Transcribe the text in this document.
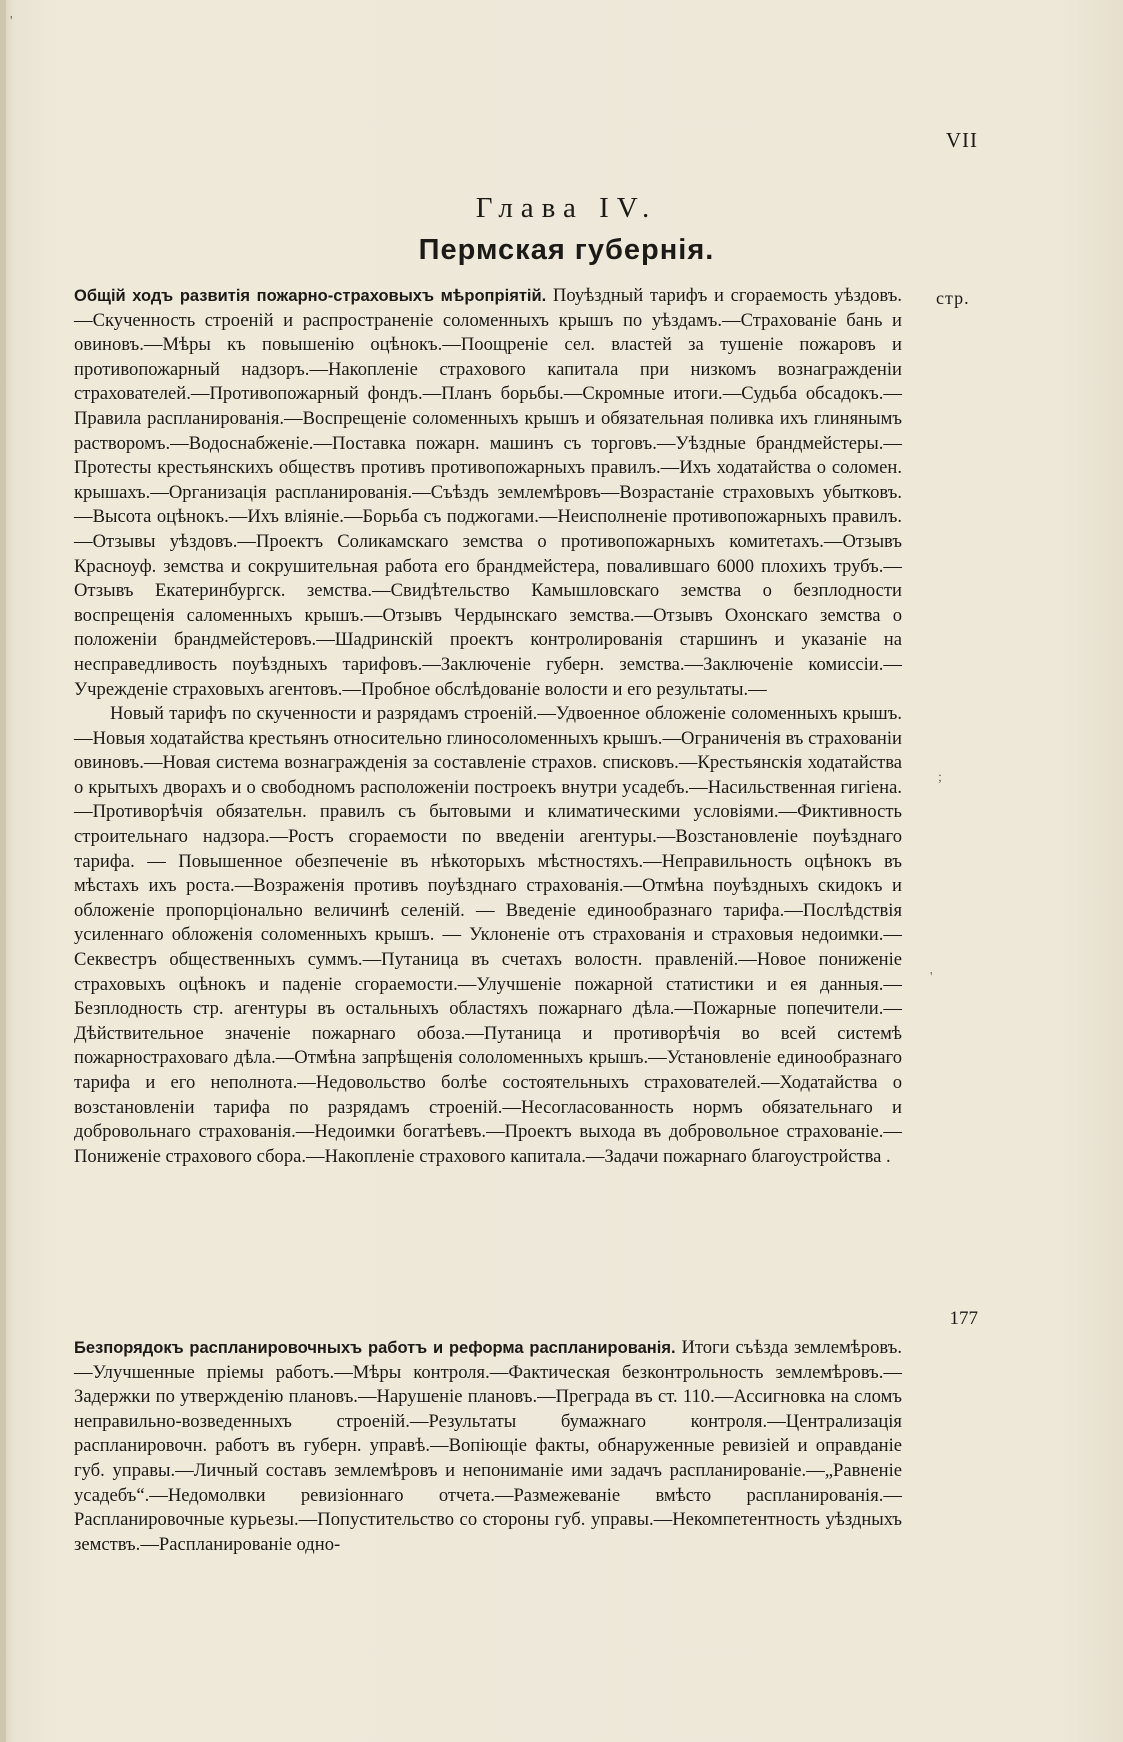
VII
Глава IV.
Пермская губернія.
стр.

Общій ходъ развитія пожарно-страховыхъ мѣропріятій. Поуѣздный тарифъ и сгораемость уѣздовъ.—Скученность строеній и распространеніе соломенныхъ крышъ по уѣздамъ.—Страхованіе бань и овиновъ.—Мѣры къ повышенію оцѣнокъ.—Поощреніе сел. властей за тушеніе пожаровъ и противопожарный надзоръ.—Накопленіе страхового капитала при низкомъ вознагражденіи страхователей.—Противопожарный фондъ.—Планъ борьбы.—Скромные итоги.—Судьба обсадокъ.—Правила распланированія.—Воспрещеніе соломенныхъ крышъ и обязательная поливка ихъ глинянымъ растворомъ.—Водоснабженіе.—Поставка пожарн. машинъ съ торговъ.—Уѣздные брандмейстеры.—Протесты крестьянскихъ обществъ противъ противопожарныхъ правилъ.—Ихъ ходатайства о соломен. крышахъ.—Организація распланированія.—Съѣздъ землемѣровъ—Возрастаніе страховыхъ убытковъ.—Высота оцѣнокъ.—Ихъ вліяніе.—Борьба съ поджогами.—Неисполненіе противопожарныхъ правилъ.—Отзывы уѣздовъ.—Проектъ Соликамскаго земства о противопожарныхъ комитетахъ.—Отзывъ Красноуф. земства и сокрушительная работа его брандмейстера, повалившаго 6000 плохихъ трубъ.—Отзывъ Екатеринбургск. земства.—Свидѣтельство Камышловскаго земства о безплодности воспрещенія саломенныхъ крышъ.—Отзывъ Чердынскаго земства.—Отзывъ Охонскаго земства о положеніи брандмейстеровъ.—Шадринскій проектъ контролированія старшинъ и указаніе на несправедливость поуѣздныхъ тарифовъ.—Заключеніе губерн. земства.—Заключеніе комиссіи.—Учрежденіе страховыхъ агентовъ.—Пробное обслѣдованіе волости и его результаты.—

Новый тарифъ по скученности и разрядамъ строеній.—Удвоенное обложеніе соломенныхъ крышъ.—Новыя ходатайства крестьянъ относительно глиносоломенныхъ крышъ.—Ограниченія въ страхованіи овиновъ.—Новая система вознагражденія за составленіе страхов. списковъ.—Крестьянскія ходатайства о крытыхъ дворахъ и о свободномъ расположеніи построекъ внутри усадебъ.—Насильственная гигіена.—Противорѣчія обязательн. правилъ съ бытовыми и климатическими условіями.—Фиктивность строительнаго надзора.—Ростъ сгораемости по введеніи агентуры.—Возстановленіе поуѣзднаго тарифа. — Повышенное обезпеченіе въ нѣкоторыхъ мѣстностяхъ.—Неправильность оцѣнокъ въ мѣстахъ ихъ роста.—Возраженія противъ поуѣзднаго страхованія.—Отмѣна поуѣздныхъ скидокъ и обложеніе пропорціонально величинѣ селеній. — Введеніе единообразнаго тарифа.—Послѣдствія усиленнаго обложенія соломенныхъ крышъ. — Уклоненіе отъ страхованія и страховыя недоимки.—Секвестръ общественныхъ суммъ.—Путаница въ счетахъ волостн. правленій.—Новое пониженіе страховыхъ оцѣнокъ и паденіе сгораемости.—Улучшеніе пожарной статистики и ея данныя.—Безплодность стр. агентуры въ остальныхъ областяхъ пожарнаго дѣла.—Пожарные попечители.—Дѣйствительное значеніе пожарнаго обоза.—Путаница и противорѣчія во всей системѣ пожарностраховаго дѣла.—Отмѣна запрѣщенія сололоменныхъ крышъ.—Установленіе единообразнаго тарифа и его неполнота.—Недовольство болѣе состоятельныхъ страхователей.—Ходатайства о возстановленіи тарифа по разрядамъ строеній.—Несогласованность нормъ обязательнаго и добровольнаго страхованія.—Недоимки богатѣевъ.—Проектъ выхода въ добровольное страхованіе.—Пониженіе страхового сбора.—Накопленіе страхового капитала.—Задачи пожарнаго благоустройства .

177

Безпорядокъ распланировочныхъ работъ и реформа распланированія. Итоги съѣзда землемѣровъ.—Улучшенные пріемы работъ.—Мѣры контроля.—Фактическая безконтрольность землемѣровъ.—Задержки по утвержденію плановъ.—Нарушеніе плановъ.—Преграда въ ст. 110.—Ассигновка на сломъ неправильно-возведенныхъ строеній.—Результаты бумажнаго контроля.—Централизація распланировочн. работъ въ губерн. управѣ.—Вопіющіе факты, обнаруженные ревизіей и оправданіе губ. управы.—Личный составъ землемѣровъ и непониманіе ими задачъ распланированіе.—„Равненіе усадебъ“.—Недомолвки ревизіоннаго отчета.—Размежеваніе вмѣсто распланированія.—Распланировочные курьезы.—Попустительство со стороны губ. управы.—Некомпетентность уѣздныхъ земствъ.—Распланированіе одно-

'
;
'
